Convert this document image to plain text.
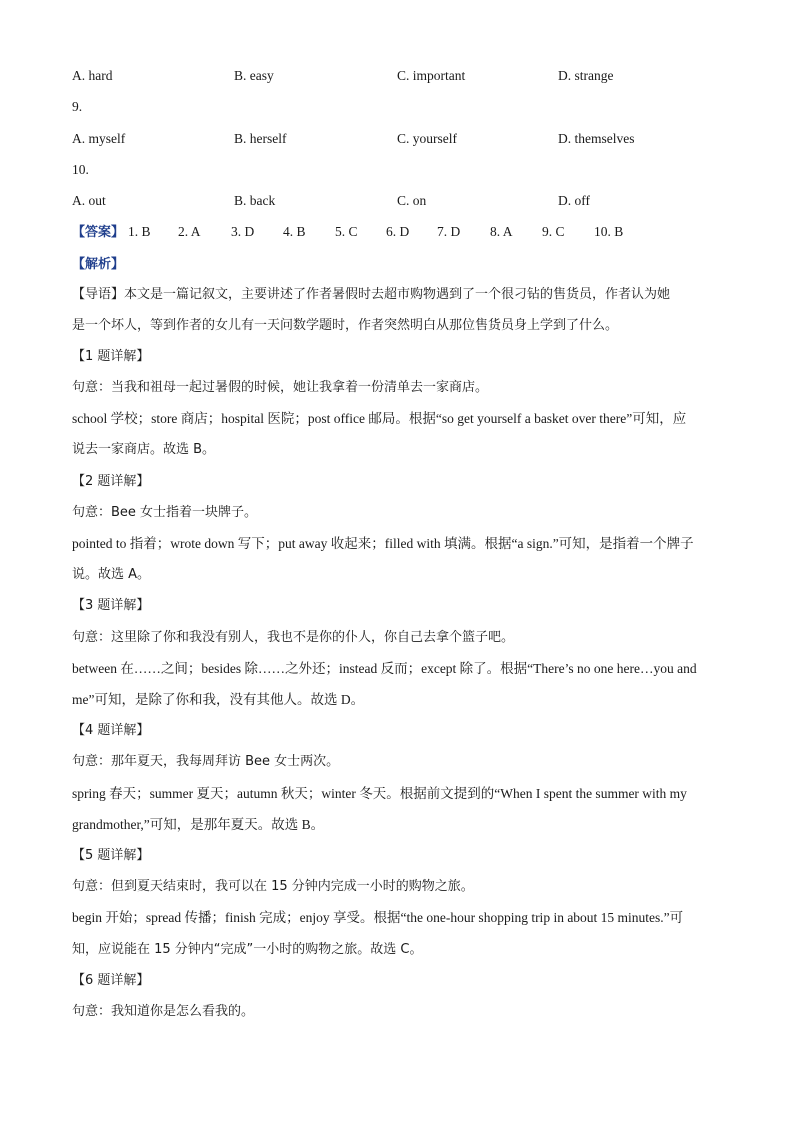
A. hard	B. easy	C. important	D. strange
9.
A. myself	B. herself	C. yourself	D. themselves
10.
A. out	B. back	C. on	D. off
【答案】 1. B 2. A 3. D 4. B 5. C 6. D 7. D 8. A 9. C 10. B
【解析】
【导语】本文是一篇记叙文，主要讲述了作者暑假时去超市购物遇到了一个很刁钻的售货员，作者认为她
是一个坏人，等到作者的女儿有一天问数学题时，作者突然明白从那位售货员身上学到了什么。
【1 题详解】
句意：当我和祖母一起过暑假的时候，她让我拿着一份清单去一家商店。
school 学校；store 商店；hospital 医院；post office 邮局。根据“so get yourself a basket over there”可知，应
说去一家商店。故选 B。
【2 题详解】
句意：Bee 女士指着一块牌子。
pointed to 指着；wrote down 写下；put away 收起来；filled with 填满。根据“a sign.”可知，是指着一个牌子
说。故选 A。
【3 题详解】
句意：这里除了你和我没有别人，我也不是你的仆人，你自己去拿个篮子吧。
between 在……之间；besides 除……之外还；instead 反而；except 除了。根据“There’s no one here…you and
me”可知，是除了你和我，没有其他人。故选 D。
【4 题详解】
句意：那年夏天，我每周拜访 Bee 女士两次。
spring 春天；summer 夏天；autumn 秋天；winter 冬天。根据前文提到的“When I spent the summer with my
grandmother,”可知，是那年夏天。故选 B。
【5 题详解】
句意：但到夏天结束时，我可以在 15 分钟内完成一小时的购物之旅。
begin 开始；spread 传播；finish 完成；enjoy 享受。根据“the one-hour shopping trip in about 15 minutes.”可
知，应说能在 15 分钟内“完成”一小时的购物之旅。故选 C。
【6 题详解】
句意：我知道你是怎么看我的。
